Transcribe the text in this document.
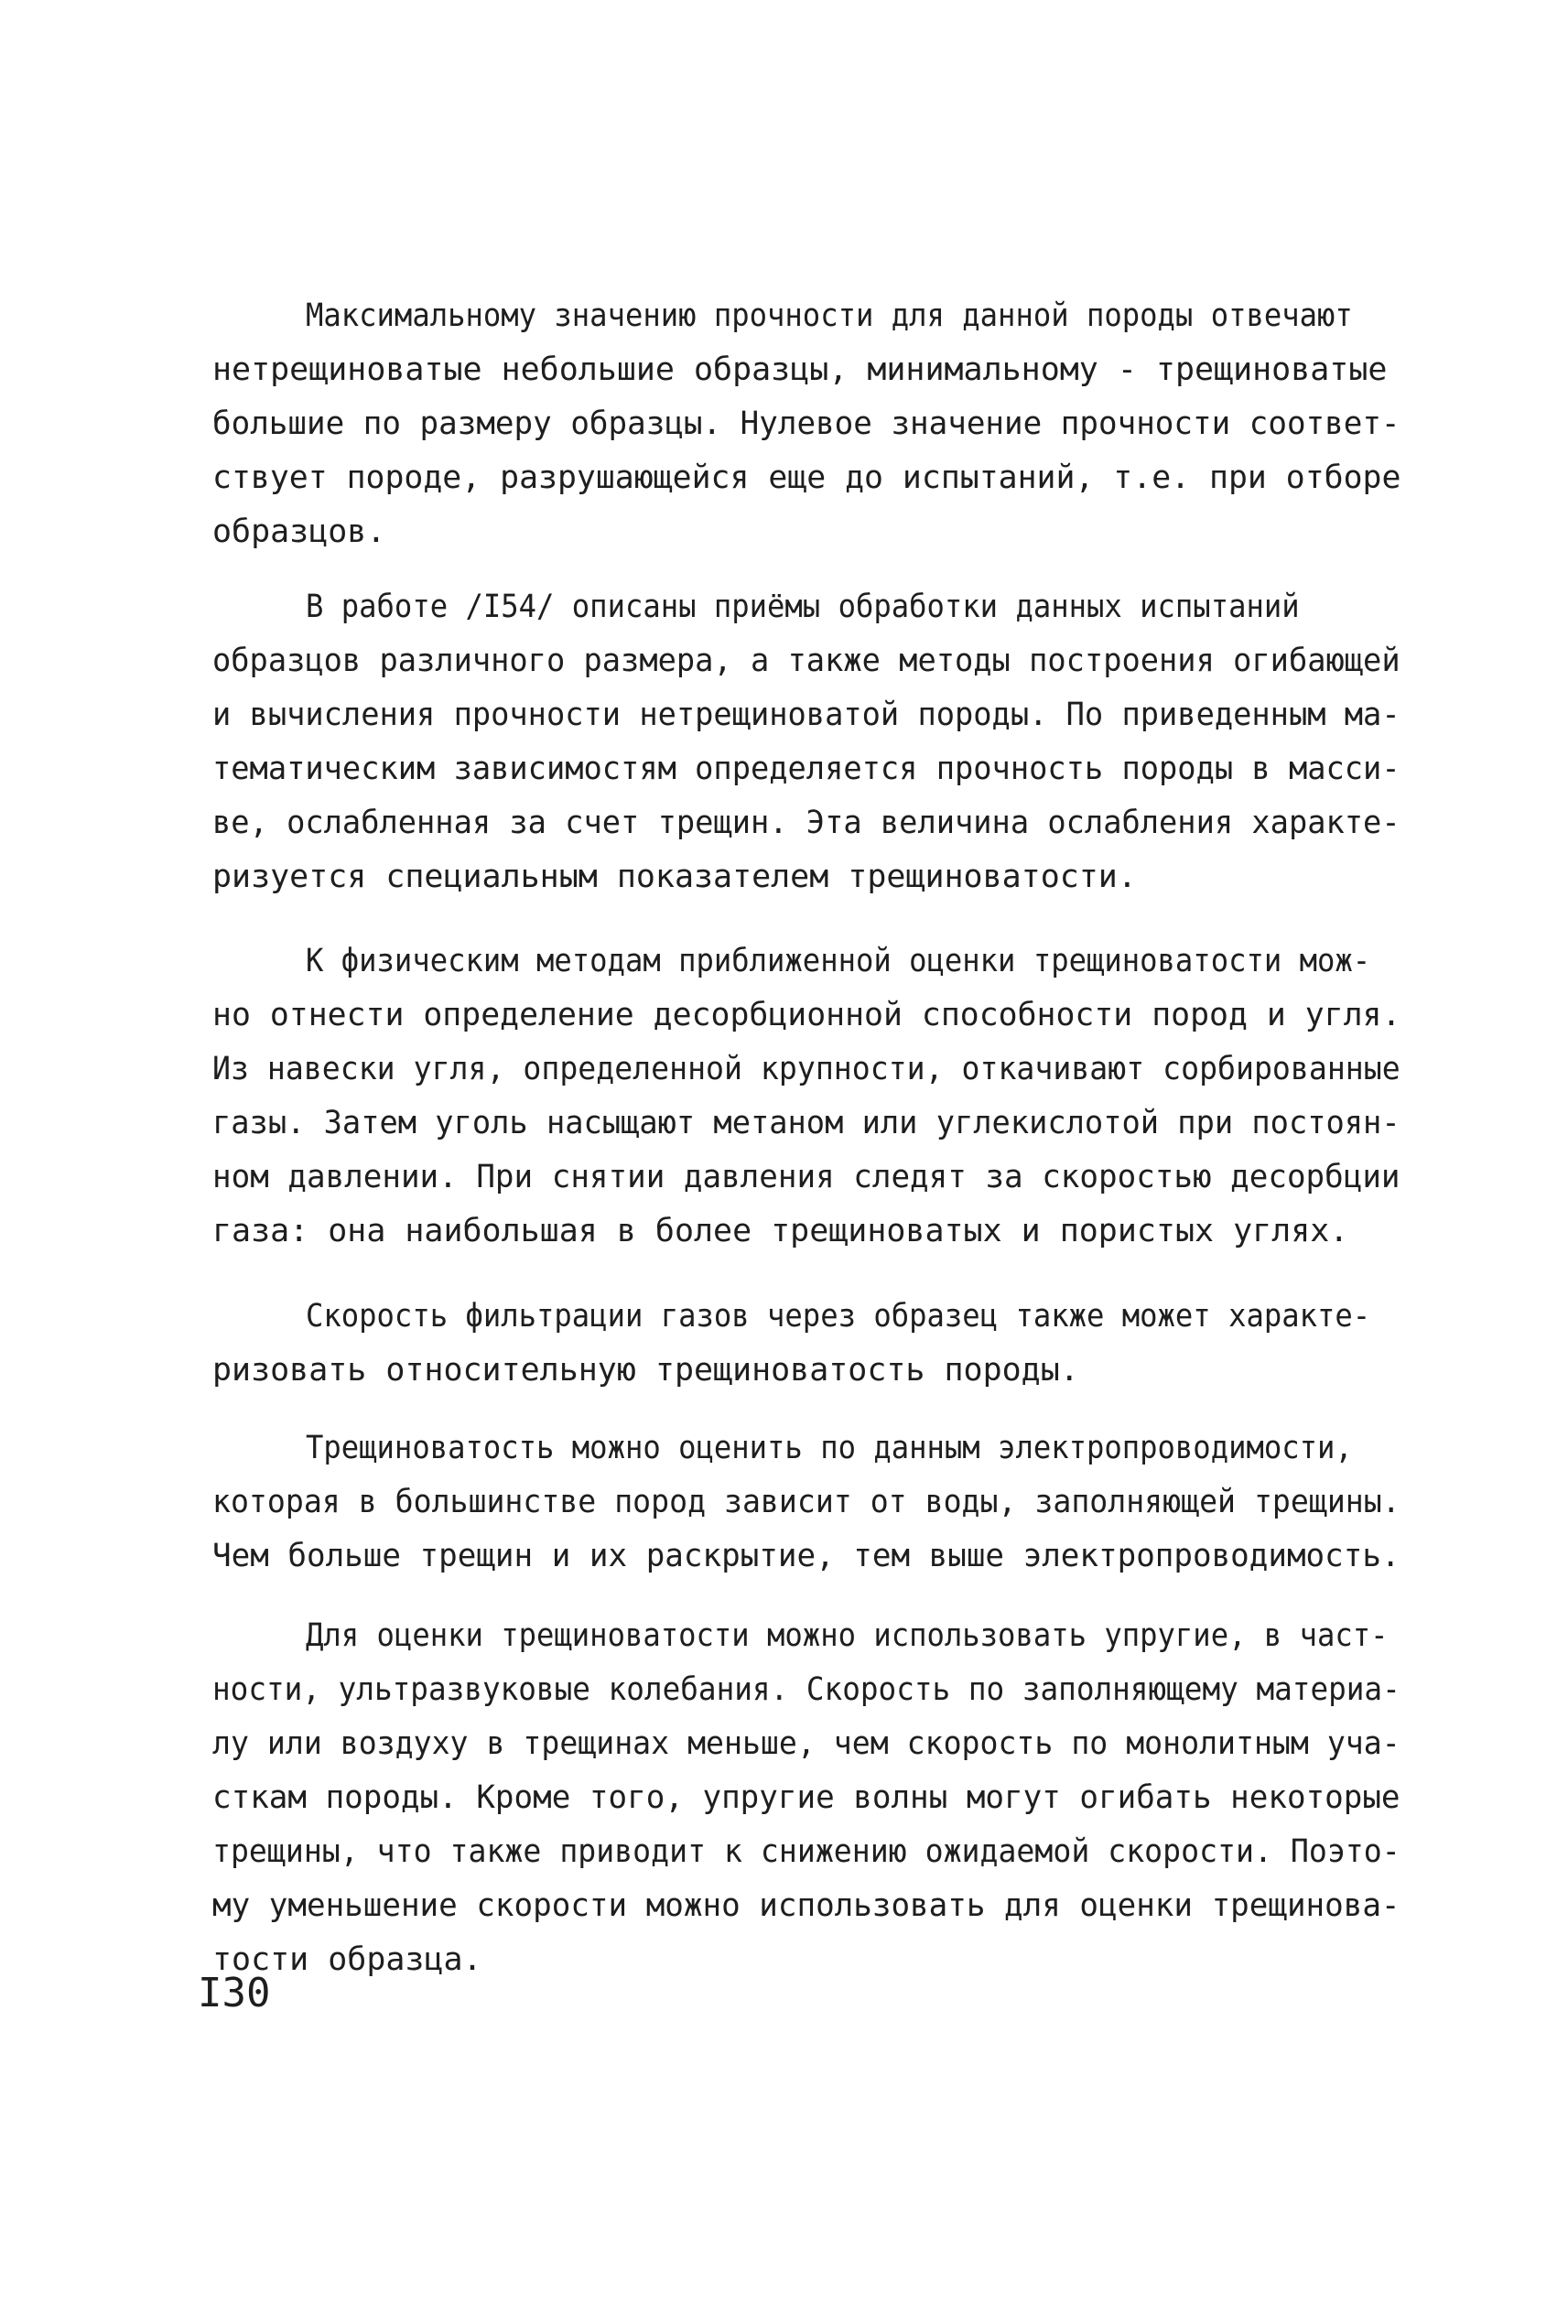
Максимальному значению прочности для данной породы отвечают
нетрещиноватые небольшие образцы, минимальному - трещиноватые
большие по размеру образцы. Нулевое значение прочности соответ-
ствует породе, разрушающейся еще до испытаний, т.е. при отборе
образцов.
В работе /I54/ описаны приёмы обработки данных испытаний
образцов различного размера, а также методы построения огибающей
и вычисления прочности нетрещиноватой породы. По приведенным ма-
тематическим зависимостям определяется прочность породы в масси-
ве, ослабленная за счет трещин. Эта величина ослабления характе-
ризуется специальным показателем трещиноватости.
К физическим методам приближенной оценки трещиноватости мож-
но отнести определение десорбционной способности пород и угля.
Из навески угля, определенной крупности, откачивают сорбированные
газы. Затем уголь насыщают метаном или углекислотой при постоян-
ном давлении. При снятии давления следят за скоростью десорбции
газа: она наибольшая в более трещиноватых и пористых углях.
Скорость фильтрации газов через образец также может характе-
ризовать относительную трещиноватость породы.
Трещиноватость можно оценить по данным электропроводимости,
которая в большинстве пород зависит от воды, заполняющей трещины.
Чем больше трещин и их раскрытие, тем выше электропроводимость.
Для оценки трещиноватости можно использовать упругие, в част-
ности, ультразвуковые колебания. Скорость по заполняющему материа-
лу или воздуху в трещинах меньше, чем скорость по монолитным уча-
сткам породы. Кроме того, упругие волны могут огибать некоторые
трещины, что также приводит к снижению ожидаемой скорости. Поэто-
му уменьшение скорости можно использовать для оценки трещинова-
тости образца.
I30
